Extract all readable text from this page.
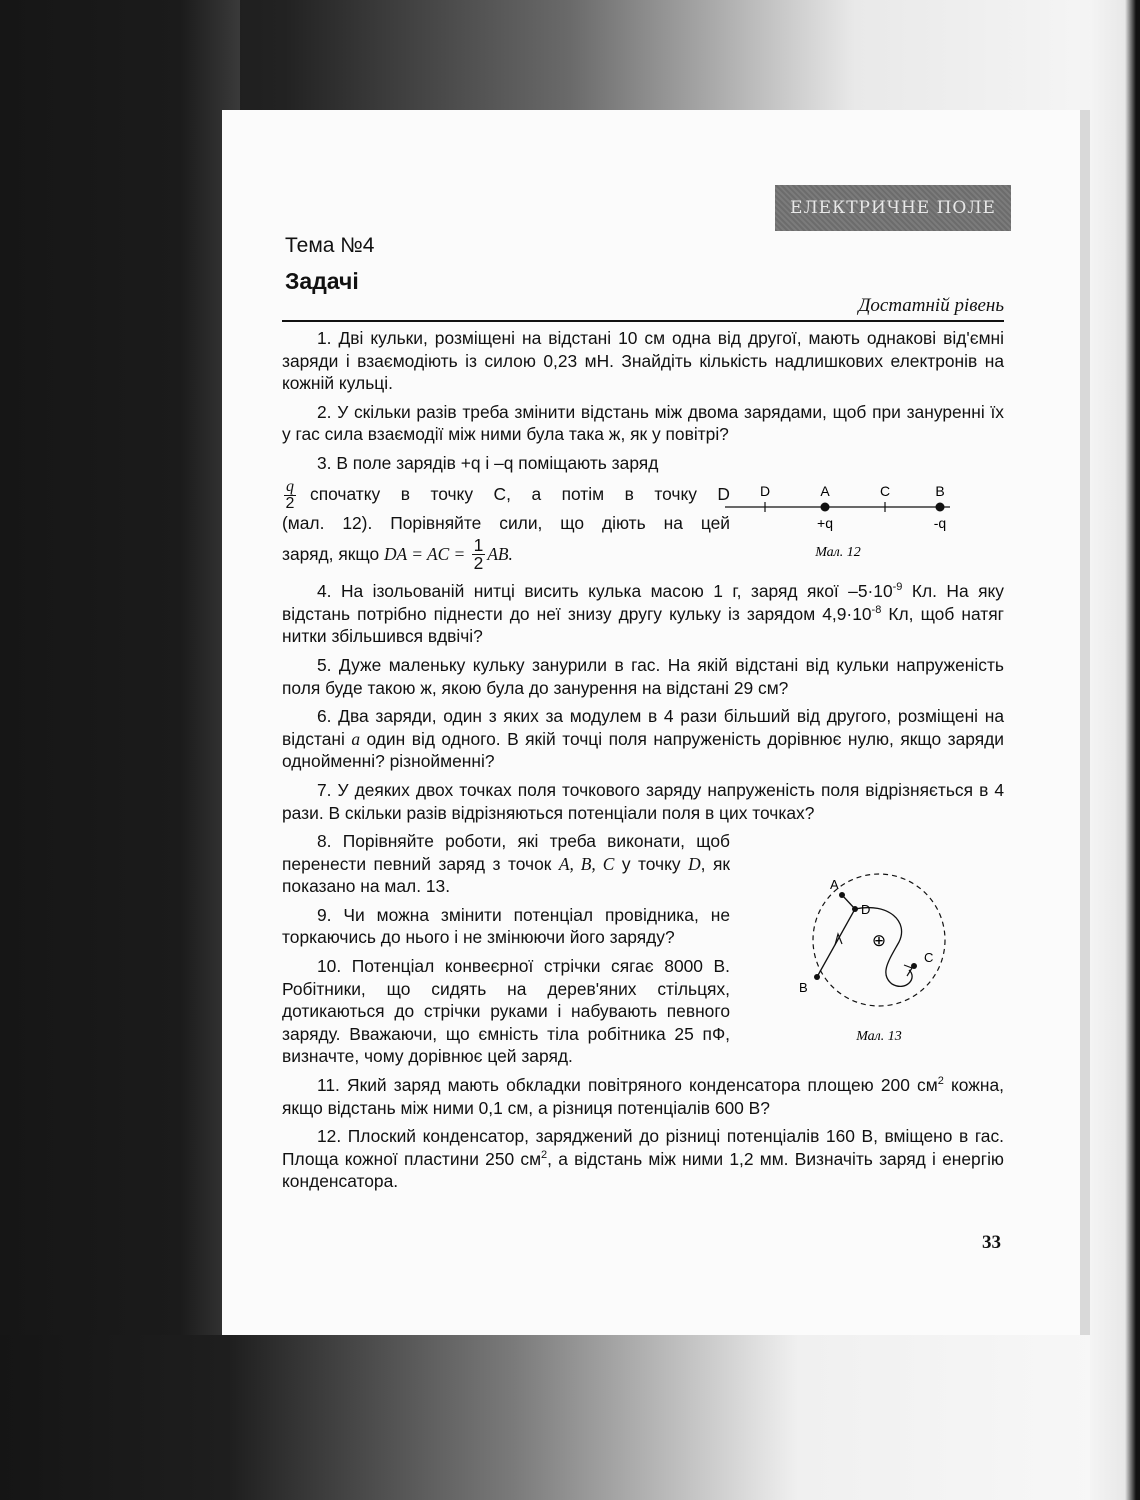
ЕЛЕКТРИЧНЕ ПОЛЕ
Тема №4
Задачі
Достатній рівень

1. Дві кульки, розміщені на відстані 10 см одна від другої, мають однакові від'ємні заряди і взаємодіють із силою 0,23 мН. Знайдіть кількість надлишкових електронів на кожній кульці.

2. У скільки разів треба змінити відстань між двома зарядами, щоб при зануренні їх у гас сила взаємодії між ними була така ж, як у повітрі?

3. В поле зарядів +q і –q поміщають заряд
$\frac{q}{2}$ спочатку в точку C, а потім в точку D
(мал. 12). Порівняйте сили, що діють на цей
заряд, якщо DA = AC = $\frac{1}{2}$ AB.

4. На ізольованій нитці висить кулька масою 1 г, заряд якої $-5\cdot 10^{-9}$ Кл. На яку відстань потрібно піднести до неї знизу другу кульку із зарядом $4,9\cdot 10^{-8}$ Кл, щоб натяг нитки збільшився вдвічі?

5. Дуже маленьку кульку занурили в гас. На якій відстані від кульки напруженість поля буде такою ж, якою була до занурення на відстані 29 см?

6. Два заряди, один з яких за модулем в 4 рази більший від другого, розміщені на відстані a один від одного. В якій точці поля напруженість дорівнює нулю, якщо заряди однойменні? різнойменні?

7. У деяких двох точках поля точкового заряду напруженість поля відрізняється в 4 рази. В скільки разів відрізняються потенціали поля в цих точках?

8. Порівняйте роботи, які треба виконати, щоб перенести певний заряд з точок A, B, C у точку D, як показано на мал. 13.

9. Чи можна змінити потенціал провідника, не торкаючись до нього і не змінюючи його заряду?

10. Потенціал конвеєрної стрічки сягає 8000 В. Робітники, що сидять на дерев'яних стільцях, дотикаються до стрічки руками і набувають певного заряду. Вважаючи, що ємність тіла робітника 25 пФ, визначте, чому дорівнює цей заряд.

11. Який заряд мають обкладки повітряного конденсатора площею 200 $см^2$ кожна, якщо відстань між ними 0,1 см, а різниця потенціалів 600 В?

12. Плоский конденсатор, заряджений до різниці потенціалів 160 В, вміщено в гас. Площа кожної пластини 250 $см^2$, а відстань між ними 1,2 мм. Визначіть заряд і енергію конденсатора.

D	A	C	B
+q	-q
Мал. 12
⊕
A
D
B
C
Мал. 13
33
